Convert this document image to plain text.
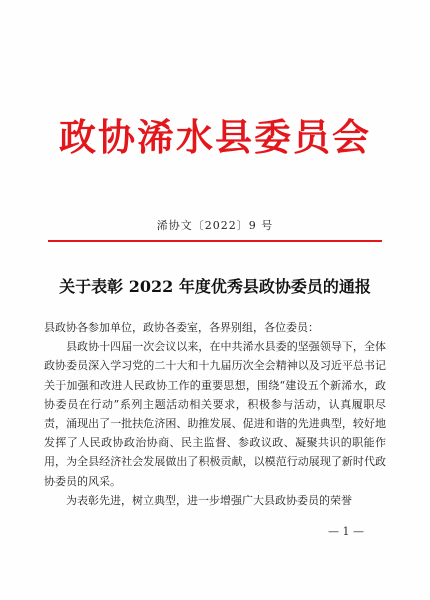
政协浠水县委员会
浠协文〔2022〕9 号
关于表彰 2022 年度优秀县政协委员的通报

县政协各参加单位，政协各委室，各界别组，各位委员：

县政协十四届一次会议以来，在中共浠水县委的坚强领导下，全体政协委员深入学习党的二十大和十九届历次全会精神以及习近平总书记关于加强和改进人民政协工作的重要思想，围绕“建设五个新浠水，政协委员在行动”系列主题活动相关要求，积极参与活动，认真履职尽责，涌现出了一批扶危济困、助推发展、促进和谐的先进典型，较好地发挥了人民政协政治协商、民主监督、参政议政、凝聚共识的职能作用，为全县经济社会发展做出了积极贡献，以模范行动展现了新时代政协委员的风采。

为表彰先进，树立典型，进一步增强广大县政协委员的荣誉

— 1 —
